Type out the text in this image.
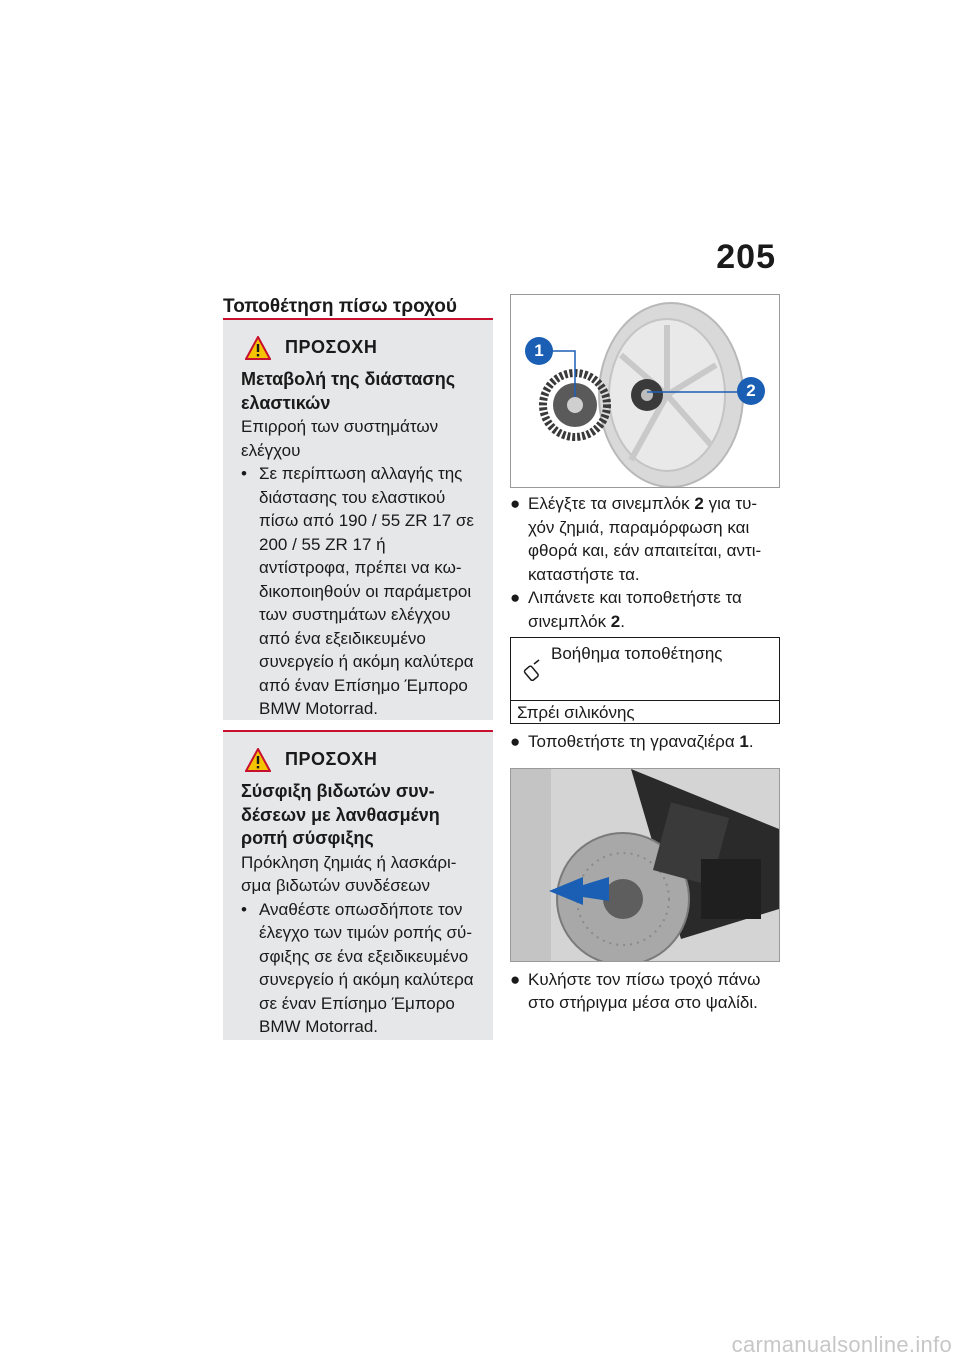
205
Τοποθέτηση πίσω τροχού
ΠΡΟΣΟΧΗ
Μεταβολή της διάστασης ελαστικών
Επιρροή των συστημάτων ελέγχου
• Σε περίπτωση αλλαγής της διάστασης του ελαστικού πίσω από 190 / 55 ZR 17 σε 200 / 55 ZR 17 ή αντίστροφα, πρέπει να κω-δικοποιηθούν οι παράμετροι των συστημάτων ελέγχου από ένα εξειδικευμένο συνεργείο ή ακόμη καλύτερα από έναν Επίσημο Έμπορο BMW Motorrad.
ΠΡΟΣΟΧΗ
Σύσφιξη βιδωτών συν-δέσεων με λανθασμένη ροπή σύσφιξης
Πρόκληση ζημιάς ή λασκάρι-σμα βιδωτών συνδέσεων
• Αναθέστε οπωσδήποτε τον έλεγχο των τιμών ροπής σύ-σφιξης σε ένα εξειδικευμένο συνεργείο ή ακόμη καλύτερα σε έναν Επίσημο Έμπορο BMW Motorrad.
1
2
● Ελέγξτε τα σινεμπλόκ 2 για τυ-χόν ζημιά, παραμόρφωση και φθορά και, εάν απαιτείται, αντι-καταστήστε τα.
● Λιπάνετε και τοποθετήστε τα σινεμπλόκ 2.
Βοήθημα τοποθέτησης
Σπρέι σιλικόνης
● Τοποθετήστε τη γραναζιέρα 1.
● Κυλήστε τον πίσω τροχό πάνω στο στήριγμα μέσα στο ψαλίδι.
carmanualsonline.info
